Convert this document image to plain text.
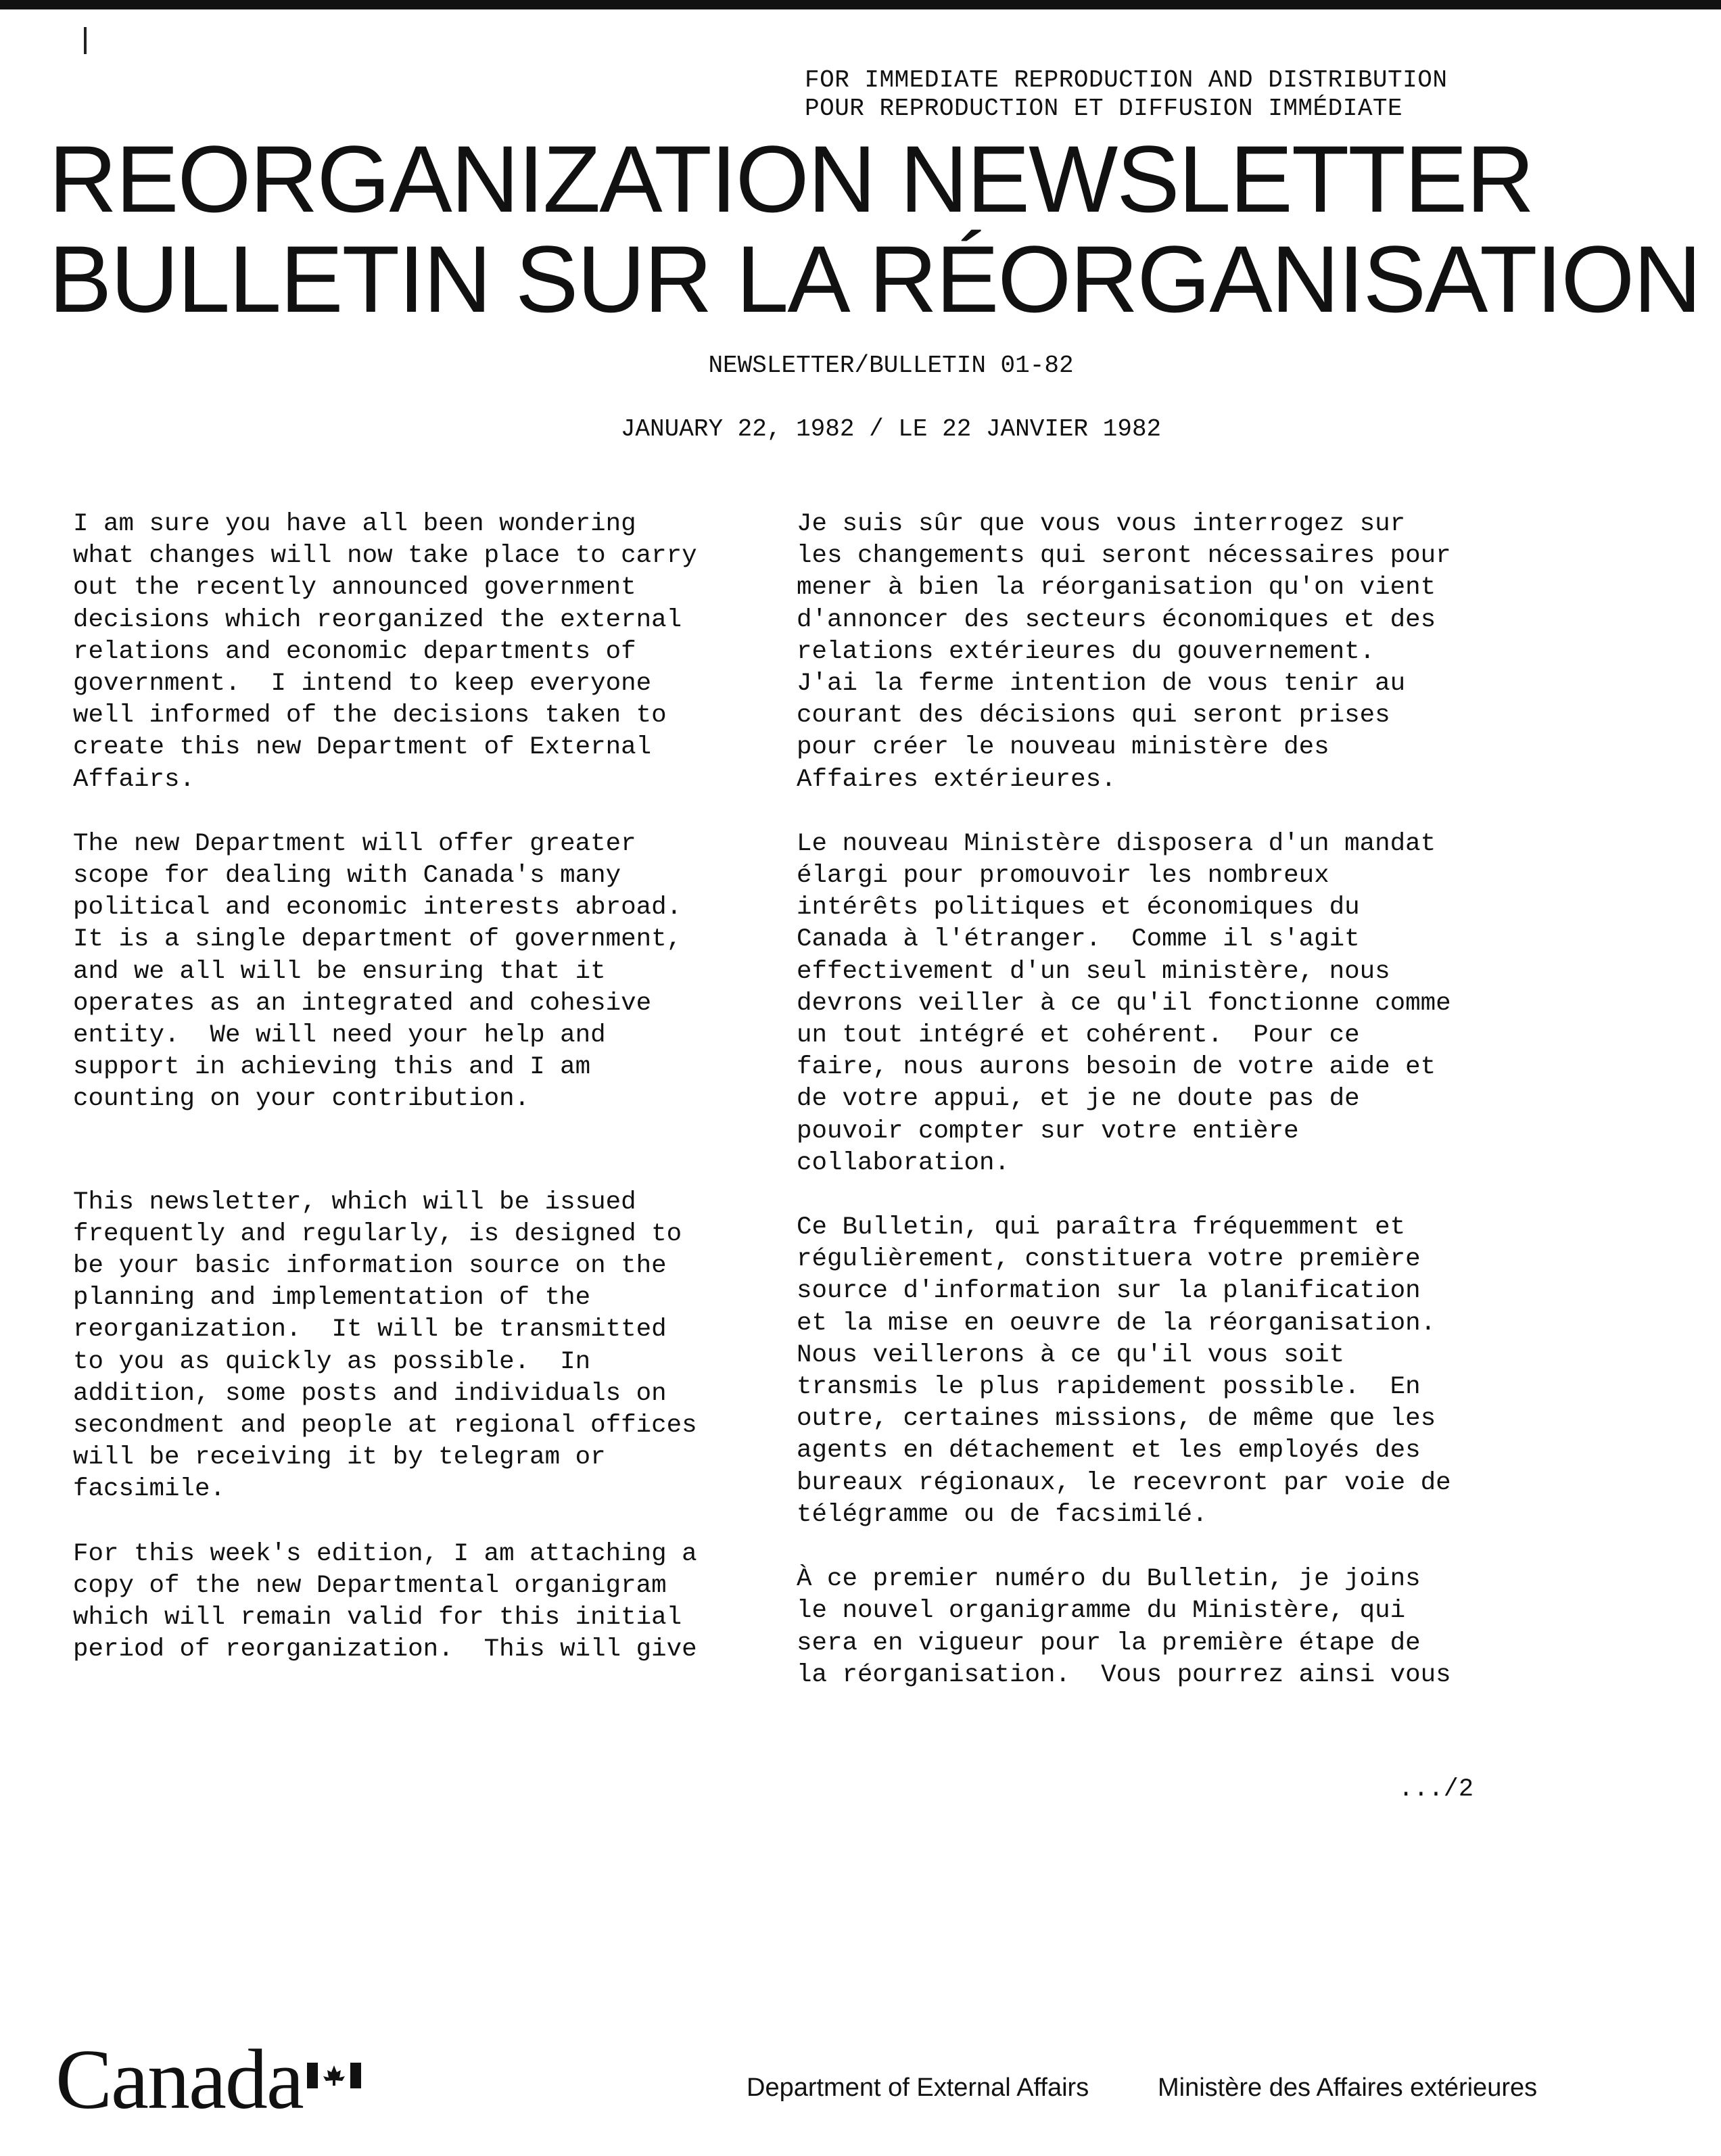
FOR IMMEDIATE REPRODUCTION AND DISTRIBUTION
POUR REPRODUCTION ET DIFFUSION IMMÉDIATE
REORGANIZATION NEWSLETTER
BULLETIN SUR LA RÉORGANISATION
NEWSLETTER/BULLETIN 01-82
JANUARY 22, 1982 / LE 22 JANVIER 1982

I am sure you have all been wondering
what changes will now take place to carry
out the recently announced government
decisions which reorganized the external
relations and economic departments of
government.  I intend to keep everyone
well informed of the decisions taken to
create this new Department of External
Affairs.

The new Department will offer greater
scope for dealing with Canada's many
political and economic interests abroad.
It is a single department of government,
and we all will be ensuring that it
operates as an integrated and cohesive
entity.  We will need your help and
support in achieving this and I am
counting on your contribution.

This newsletter, which will be issued
frequently and regularly, is designed to
be your basic information source on the
planning and implementation of the
reorganization.  It will be transmitted
to you as quickly as possible.  In
addition, some posts and individuals on
secondment and people at regional offices
will be receiving it by telegram or
facsimile.

For this week's edition, I am attaching a
copy of the new Departmental organigram
which will remain valid for this initial
period of reorganization.  This will give

Je suis sûr que vous vous interrogez sur
les changements qui seront nécessaires pour
mener à bien la réorganisation qu'on vient
d'annoncer des secteurs économiques et des
relations extérieures du gouvernement.
J'ai la ferme intention de vous tenir au
courant des décisions qui seront prises
pour créer le nouveau ministère des
Affaires extérieures.

Le nouveau Ministère disposera d'un mandat
élargi pour promouvoir les nombreux
intérêts politiques et économiques du
Canada à l'étranger.  Comme il s'agit
effectivement d'un seul ministère, nous
devrons veiller à ce qu'il fonctionne comme
un tout intégré et cohérent.  Pour ce
faire, nous aurons besoin de votre aide et
de votre appui, et je ne doute pas de
pouvoir compter sur votre entière
collaboration.

Ce Bulletin, qui paraîtra fréquemment et
régulièrement, constituera votre première
source d'information sur la planification
et la mise en oeuvre de la réorganisation.
Nous veillerons à ce qu'il vous soit
transmis le plus rapidement possible.  En
outre, certaines missions, de même que les
agents en détachement et les employés des
bureaux régionaux, le recevront par voie de
télégramme ou de facsimilé.

À ce premier numéro du Bulletin, je joins
le nouvel organigramme du Ministère, qui
sera en vigueur pour la première étape de
la réorganisation.  Vous pourrez ainsi vous

.../2
Canada	Department of External Affairs	Ministère des Affaires extérieures
